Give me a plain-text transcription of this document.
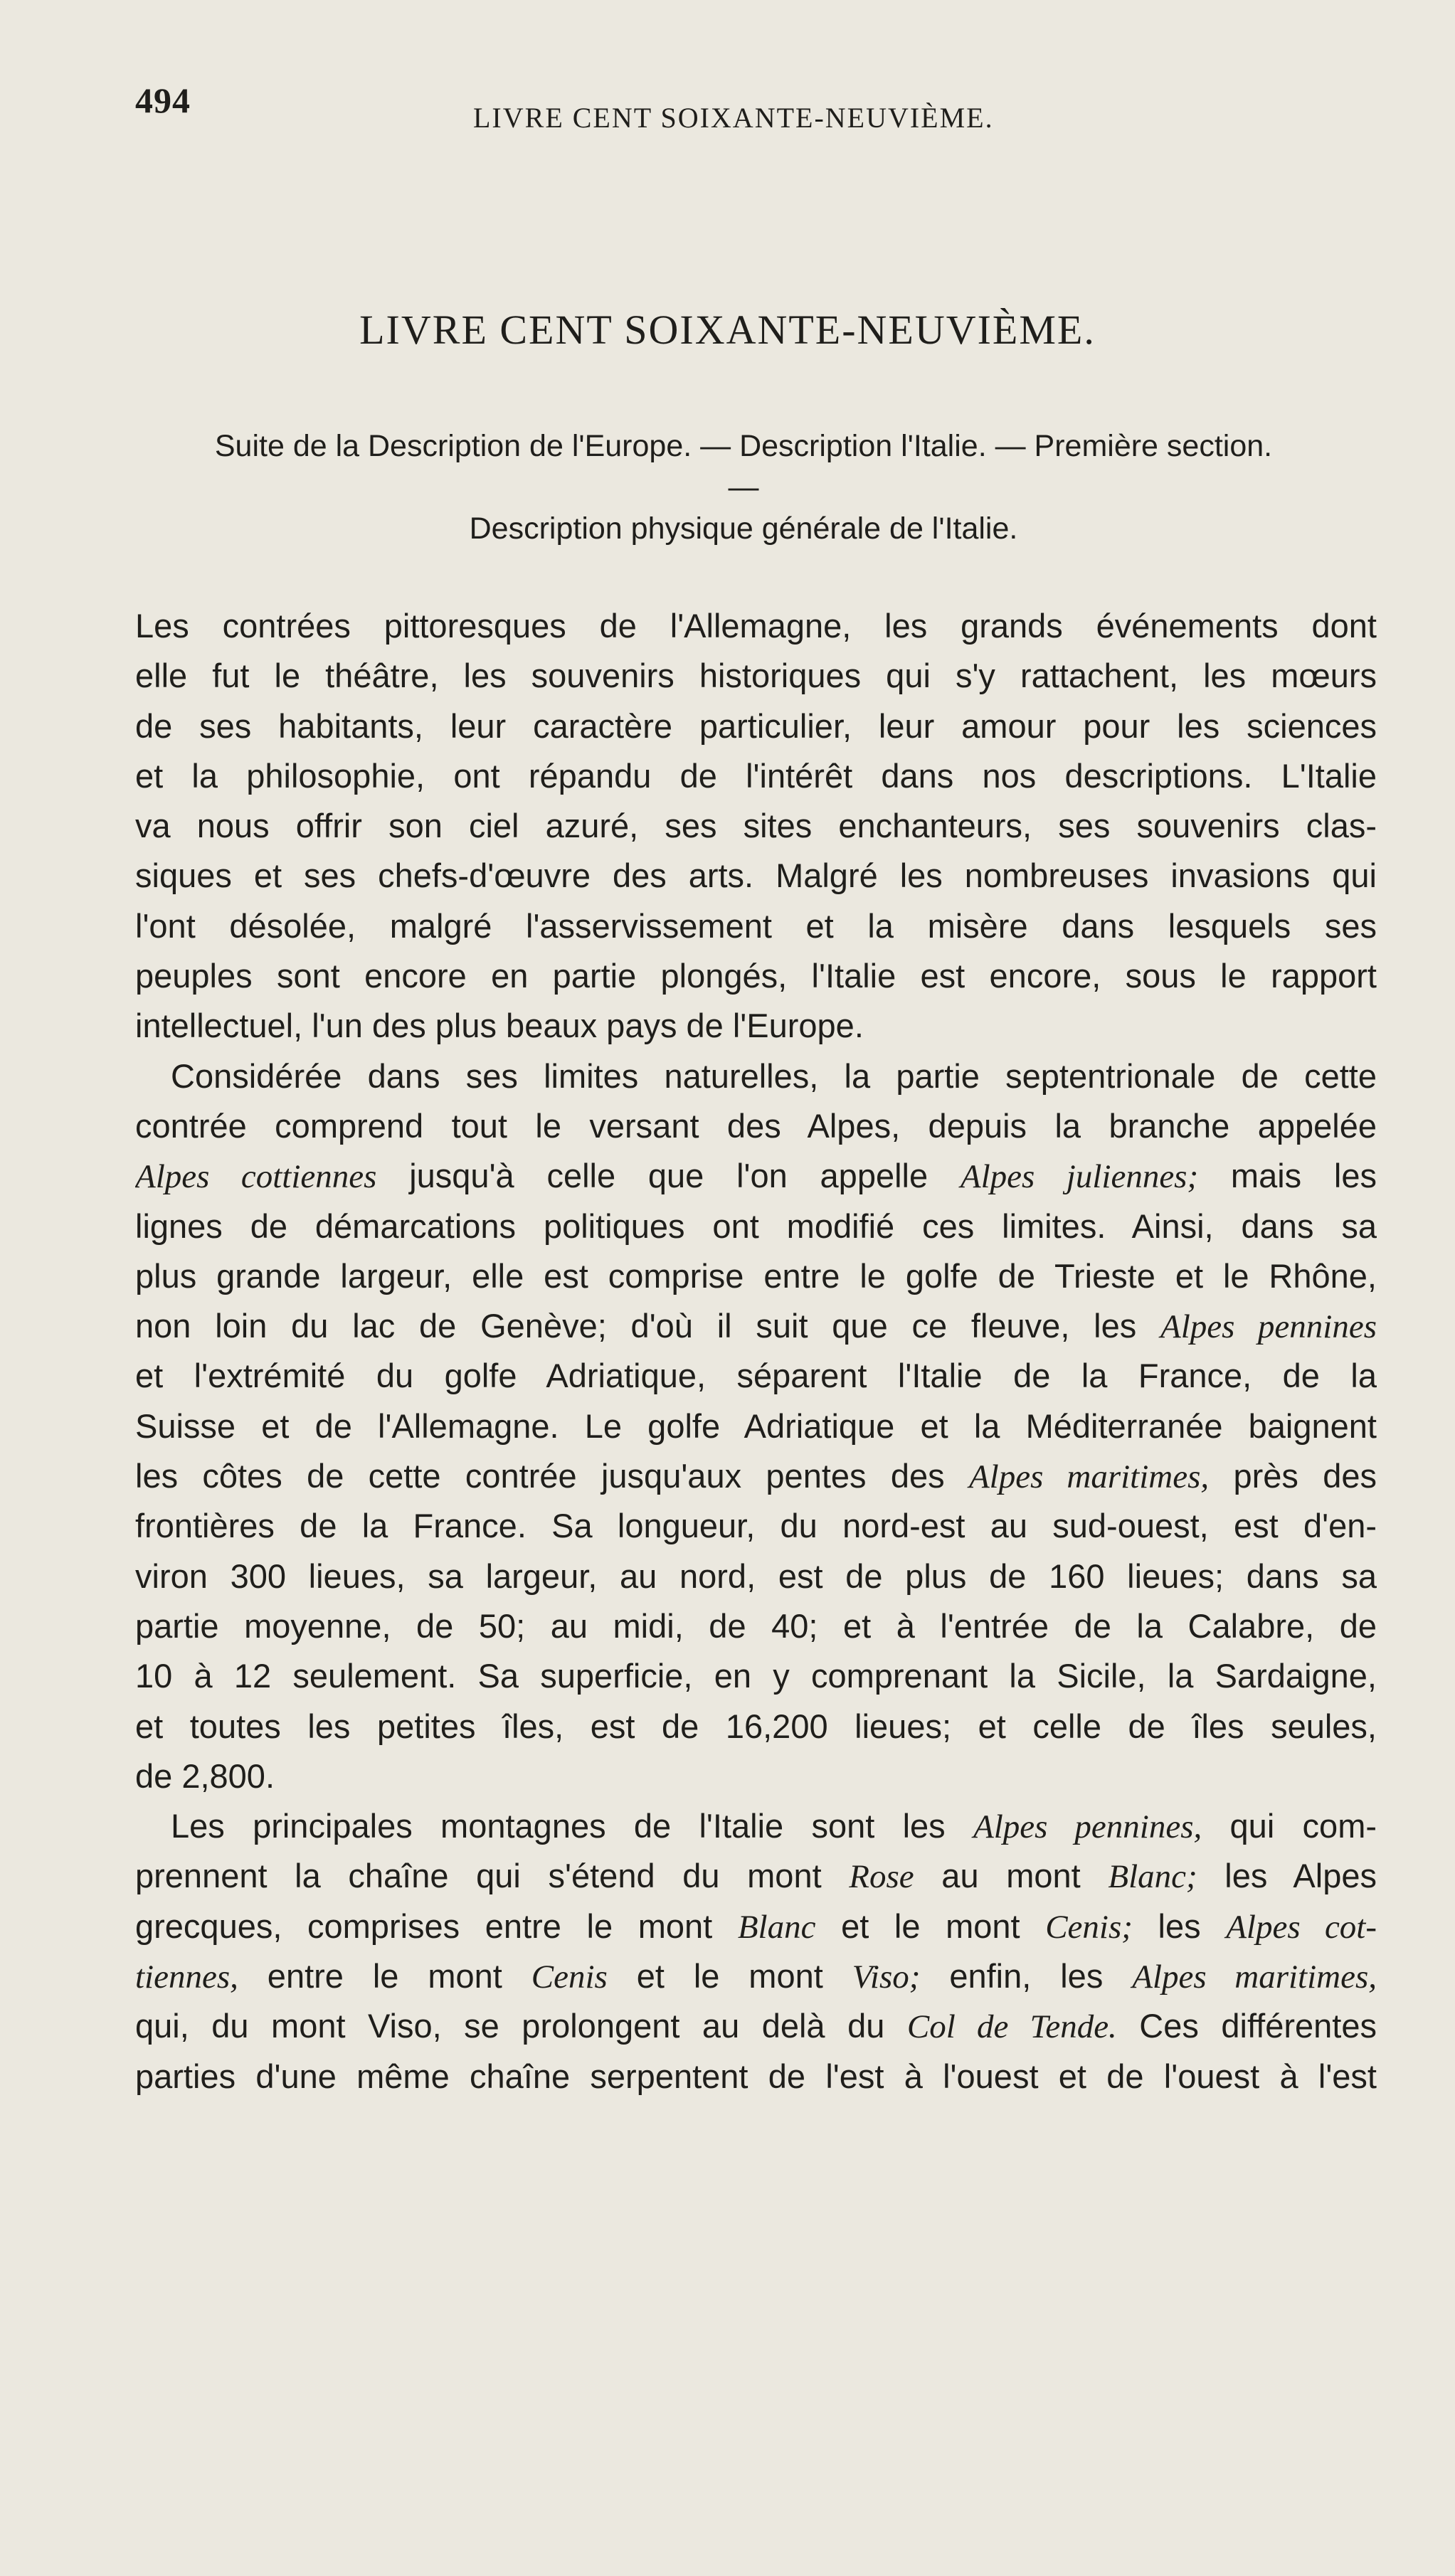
494	LIVRE CENT SOIXANTE-NEUVIÈME.
LIVRE CENT SOIXANTE-NEUVIÈME.

Suite de la Description de l'Europe. — Description l'Italie. — Première section. —
Description physique générale de l'Italie.

Les contrées pittoresques de l'Allemagne, les grands événements dont
elle fut le théâtre, les souvenirs historiques qui s'y rattachent, les mœurs
de ses habitants, leur caractère particulier, leur amour pour les sciences
et la philosophie, ont répandu de l'intérêt dans nos descriptions. L'Italie
va nous offrir son ciel azuré, ses sites enchanteurs, ses souvenirs clas-
siques et ses chefs-d'œuvre des arts. Malgré les nombreuses invasions qui
l'ont désolée, malgré l'asservissement et la misère dans lesquels ses
peuples sont encore en partie plongés, l'Italie est encore, sous le rapport
intellectuel, l'un des plus beaux pays de l'Europe.
Considérée dans ses limites naturelles, la partie septentrionale de cette
contrée comprend tout le versant des Alpes, depuis la branche appelée
Alpes cottiennes jusqu'à celle que l'on appelle Alpes juliennes; mais les
lignes de démarcations politiques ont modifié ces limites. Ainsi, dans sa
plus grande largeur, elle est comprise entre le golfe de Trieste et le Rhône,
non loin du lac de Genève; d'où il suit que ce fleuve, les Alpes pennines
et l'extrémité du golfe Adriatique, séparent l'Italie de la France, de la
Suisse et de l'Allemagne. Le golfe Adriatique et la Méditerranée baignent
les côtes de cette contrée jusqu'aux pentes des Alpes maritimes, près des
frontières de la France. Sa longueur, du nord-est au sud-ouest, est d'en-
viron 300 lieues, sa largeur, au nord, est de plus de 160 lieues; dans sa
partie moyenne, de 50; au midi, de 40; et à l'entrée de la Calabre, de
10 à 12 seulement. Sa superficie, en y comprenant la Sicile, la Sardaigne,
et toutes les petites îles, est de 16,200 lieues; et celle de îles seules,
de 2,800.
Les principales montagnes de l'Italie sont les Alpes pennines, qui com-
prennent la chaîne qui s'étend du mont Rose au mont Blanc; les Alpes
grecques, comprises entre le mont Blanc et le mont Cenis; les Alpes cot-
tiennes, entre le mont Cenis et le mont Viso; enfin, les Alpes maritimes,
qui, du mont Viso, se prolongent au delà du Col de Tende. Ces différentes
parties d'une même chaîne serpentent de l'est à l'ouest et de l'ouest à l'est
